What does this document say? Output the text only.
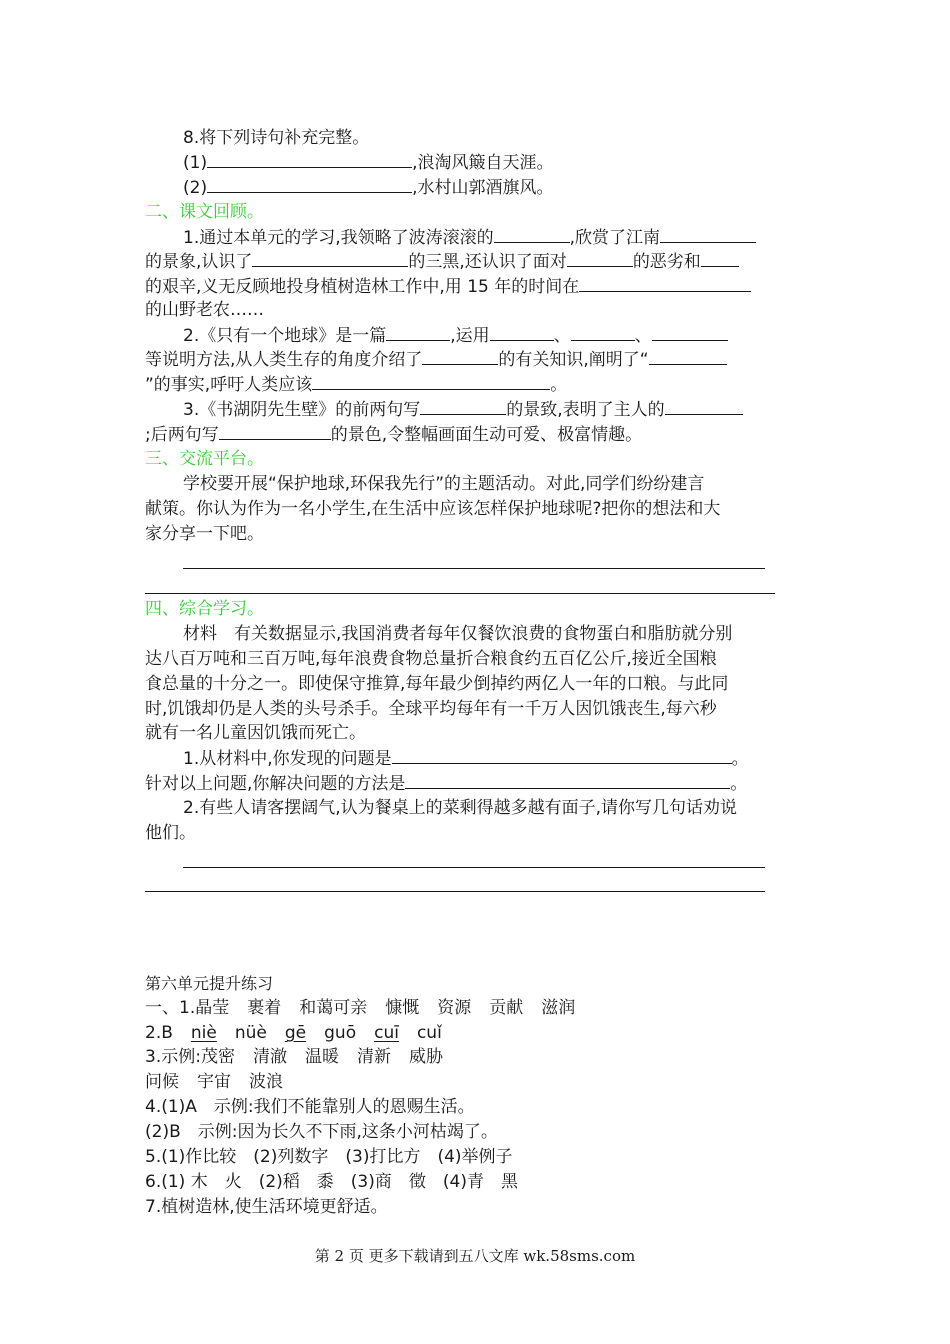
8.将下列诗句补充完整。
(1)	,浪淘风簸自天涯。
(2)	,水村山郭酒旗风。
二、课文回顾。
1.通过本单元的学习,我领略了波涛滚滚的	,欣赏了江南
的景象,认识了	的三黑,还认识了面对	的恶劣和
的艰辛,义无反顾地投身植树造林工作中,用 15 年的时间在
的山野老农……
2.《只有一个地球》是一篇	,运用	、	、
等说明方法,从人类生存的角度介绍了	的有关知识,阐明了“
”的事实,呼吁人类应该	。
3.《书湖阴先生壁》的前两句写	的景致,表明了主人的
;后两句写	的景色,令整幅画面生动可爱、极富情趣。
三、交流平台。
学校要开展“保护地球,环保我先行”的主题活动。对此,同学们纷纷建言
献策。你认为作为一名小学生,在生活中应该怎样保护地球呢?把你的想法和大
家分享一下吧。
四、综合学习。
材料　有关数据显示,我国消费者每年仅餐饮浪费的食物蛋白和脂肪就分别
达八百万吨和三百万吨,每年浪费食物总量折合粮食约五百亿公斤,接近全国粮
食总量的十分之一。即使保守推算,每年最少倒掉约两亿人一年的口粮。与此同
时,饥饿却仍是人类的头号杀手。全球平均每年有一千万人因饥饿丧生,每六秒
就有一名儿童因饥饿而死亡。
1.从材料中,你发现的问题是	。
针对以上问题,你解决问题的方法是	。
2.有些人请客摆阔气,认为餐桌上的菜剩得越多越有面子,请你写几句话劝说
他们。
第六单元提升练习
一、1.晶莹 裹着 和蔼可亲 慷慨 资源 贡献 滋润
2.B niè nüè gē guō cuī cuǐ
3.示例:茂密 清澈 温暖 清新 威胁
问候 宇宙 波浪
4.(1)A　示例:我们不能靠别人的恩赐生活。
(2)B　示例:因为长久不下雨,这条小河枯竭了。
5.(1)作比较　(2)列数字　(3)打比方　(4)举例子
6.(1) 木　火　(2)稻　黍　(3)商　徵　(4)青　黑
7.植树造林,使生活环境更舒适。
第 2 页 更多下载请到五八文库 wk.58sms.com
